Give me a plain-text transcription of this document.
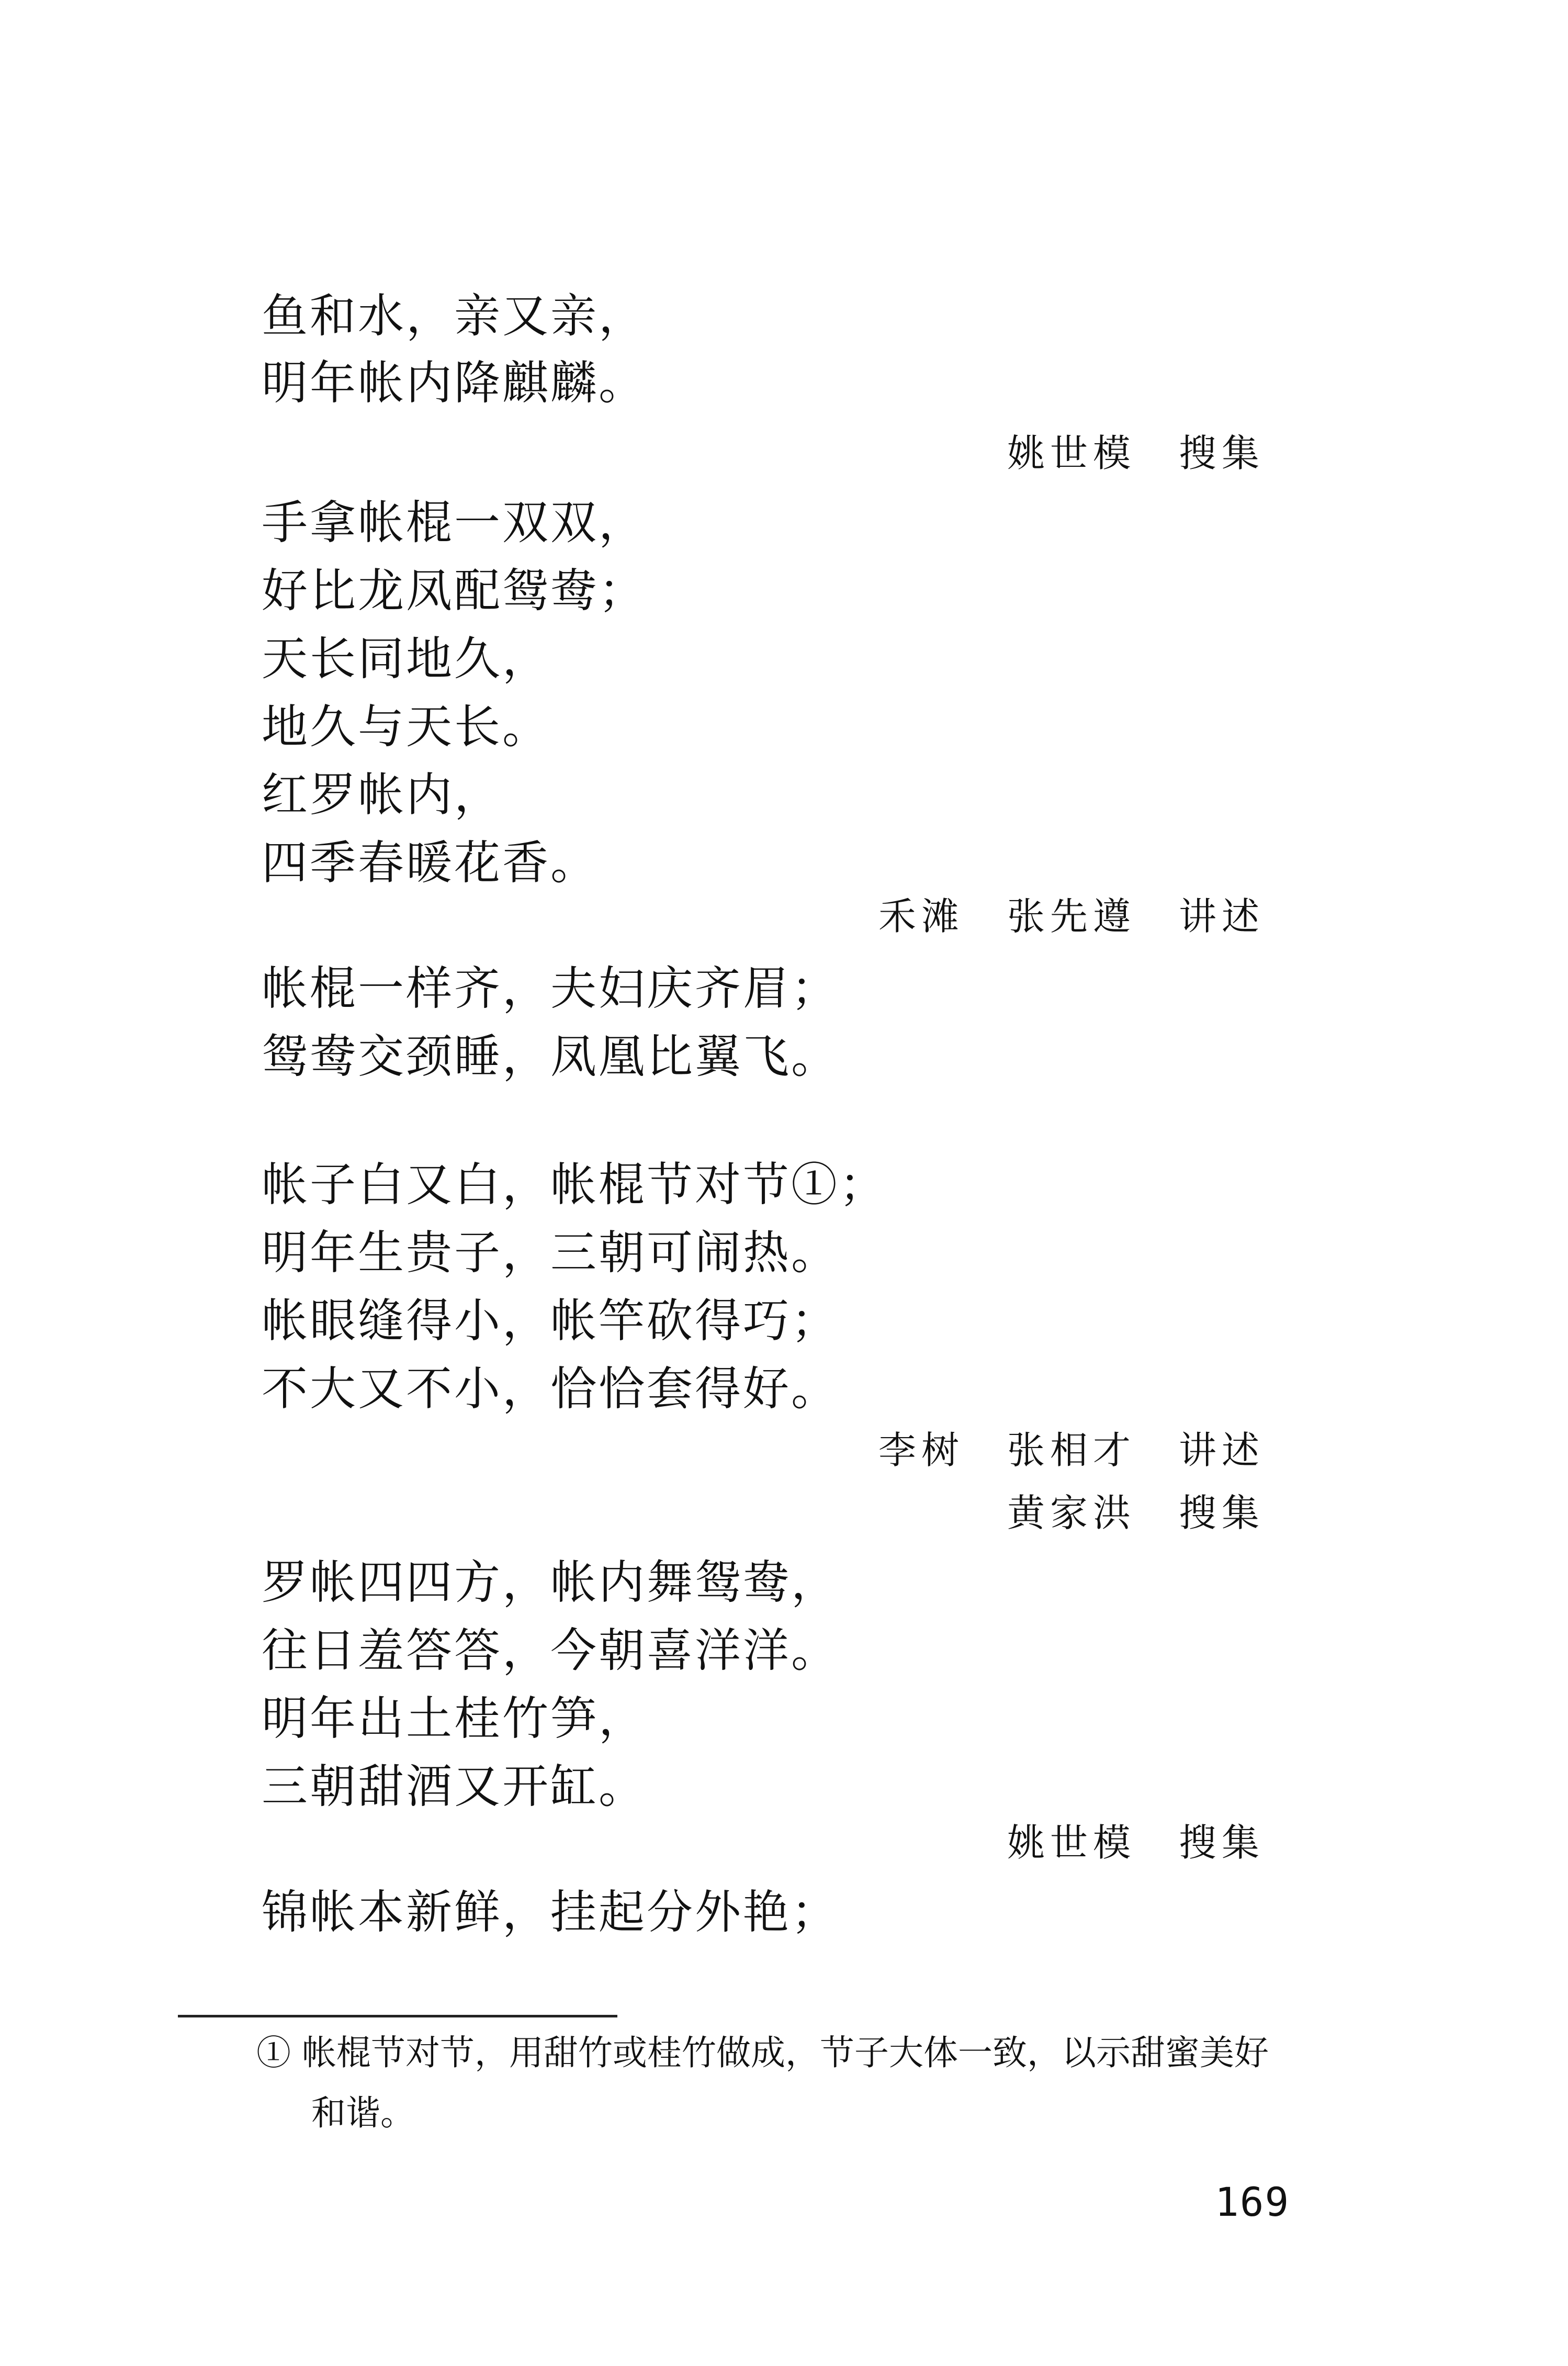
鱼和水，亲又亲，
明年帐内降麒麟。
姚世模　搜集
手拿帐棍一双双，
好比龙凤配鸳鸯；
天长同地久，
地久与天长。
红罗帐内，
四季春暖花香。
禾滩　张先遵　讲述
帐棍一样齐，夫妇庆齐眉；
鸳鸯交颈睡，凤凰比翼飞。
帐子白又白，帐棍节对节①；
明年生贵子，三朝可闹热。
帐眼缝得小，帐竿砍得巧；
不大又不小，恰恰套得好。
李树　张相才　讲述
黄家洪　搜集
罗帐四四方，帐内舞鸳鸯，
往日羞答答，今朝喜洋洋。
明年出土桂竹笋，
三朝甜酒又开缸。
姚世模　搜集
锦帐本新鲜，挂起分外艳；
① 帐棍节对节，用甜竹或桂竹做成，节子大体一致，以示甜蜜美好
和谐。
169
